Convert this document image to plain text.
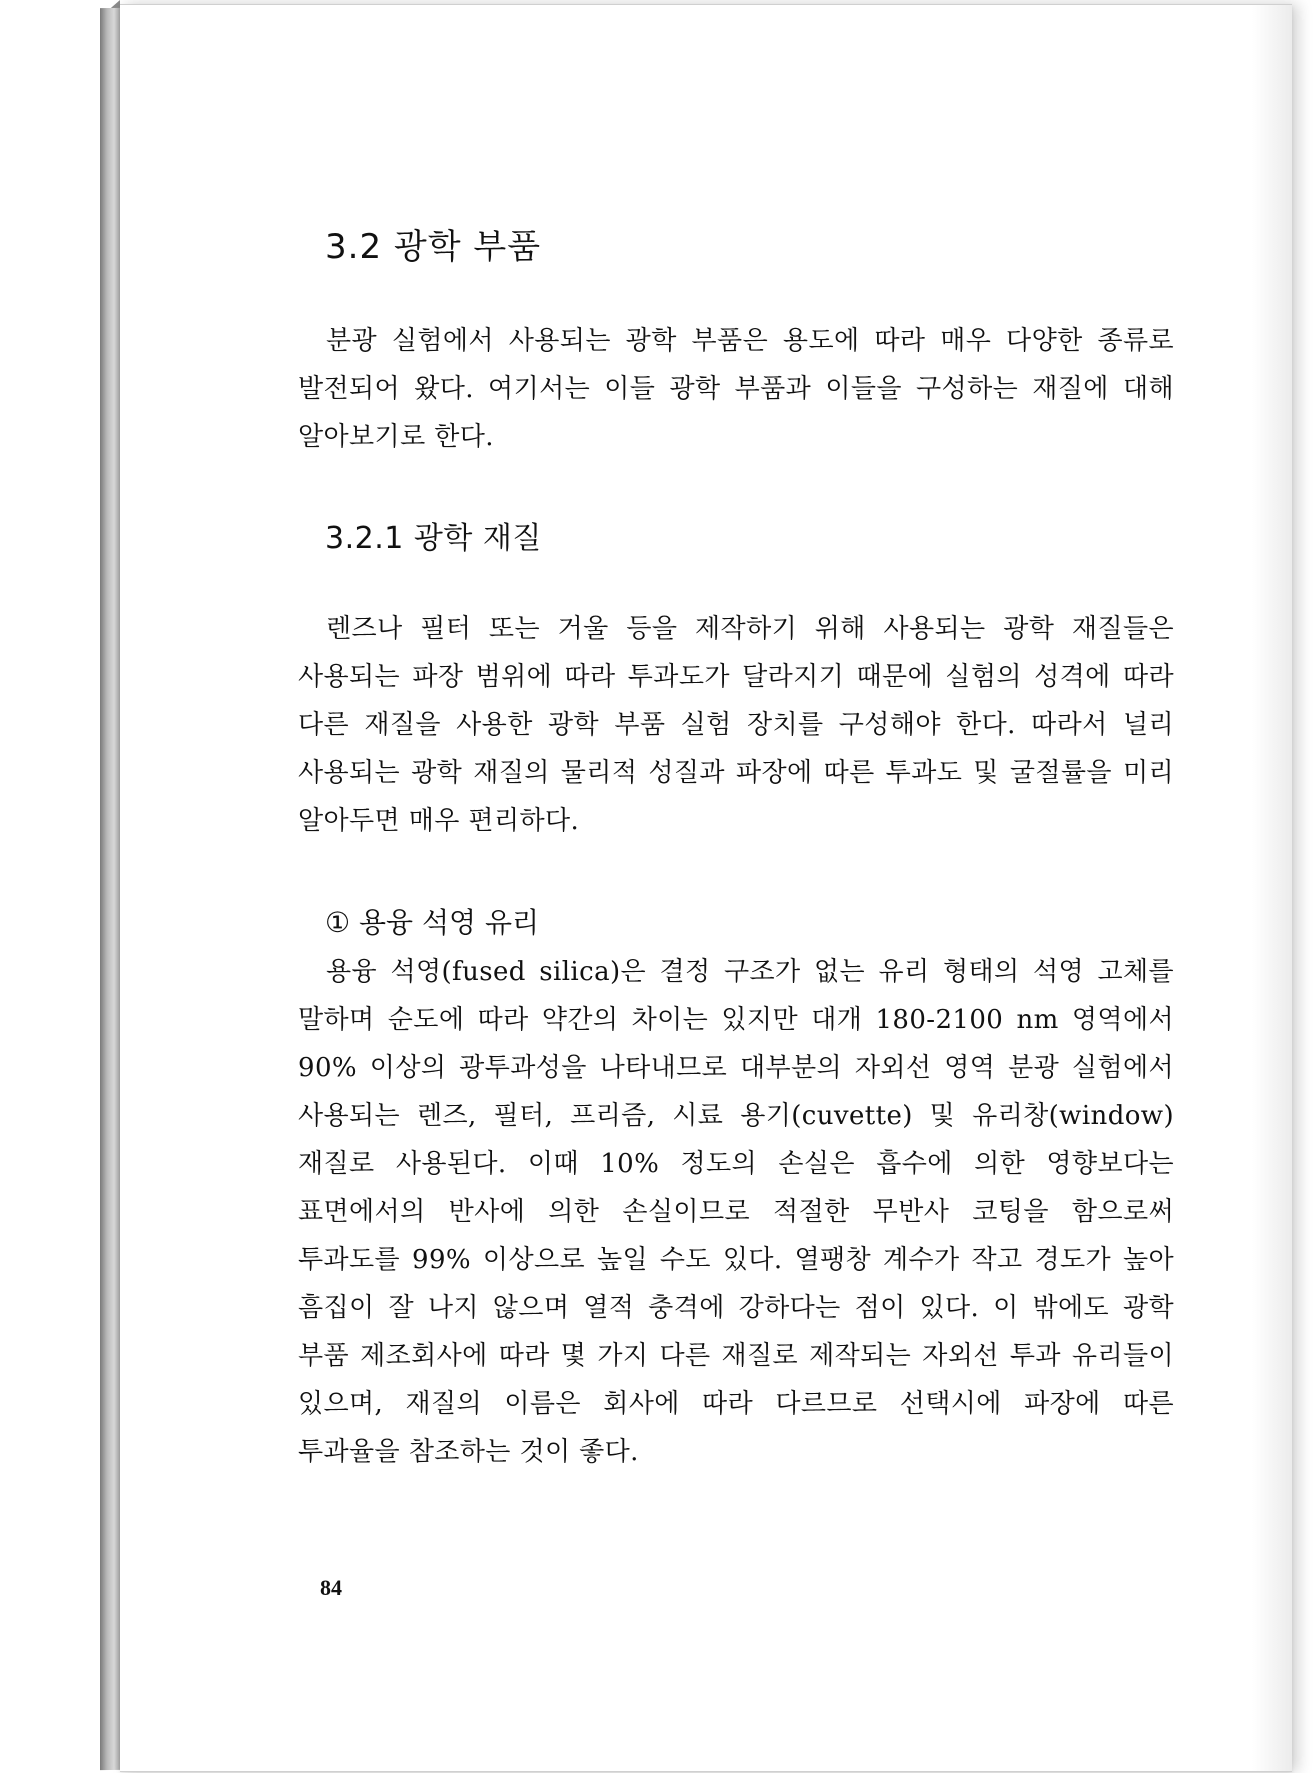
3.2 광학 부품

분광 실험에서 사용되는 광학 부품은 용도에 따라 매우 다양한 종류로 발전되어 왔다. 여기서는 이들 광학 부품과 이들을 구성하는 재질에 대해 알아보기로 한다.

3.2.1 광학 재질

렌즈나 필터 또는 거울 등을 제작하기 위해 사용되는 광학 재질들은 사용되는 파장 범위에 따라 투과도가 달라지기 때문에 실험의 성격에 따라 다른 재질을 사용한 광학 부품 실험 장치를 구성해야 한다. 따라서 널리 사용되는 광학 재질의 물리적 성질과 파장에 따른 투과도 및 굴절률을 미리 알아두면 매우 편리하다.

① 용융 석영 유리

용융 석영(fused silica)은 결정 구조가 없는 유리 형태의 석영 고체를 말하며 순도에 따라 약간의 차이는 있지만 대개 180-2100 nm 영역에서 90% 이상의 광투과성을 나타내므로 대부분의 자외선 영역 분광 실험에서 사용되는 렌즈, 필터, 프리즘, 시료 용기(cuvette) 및 유리창(window) 재질로 사용된다. 이때 10% 정도의 손실은 흡수에 의한 영향보다는 표면에서의 반사에 의한 손실이므로 적절한 무반사 코팅을 함으로써 투과도를 99% 이상으로 높일 수도 있다. 열팽창 계수가 작고 경도가 높아 흠집이 잘 나지 않으며 열적 충격에 강하다는 점이 있다. 이 밖에도 광학 부품 제조회사에 따라 몇 가지 다른 재질로 제작되는 자외선 투과 유리들이 있으며, 재질의 이름은 회사에 따라 다르므로 선택시에 파장에 따른 투과율을 참조하는 것이 좋다.

84
